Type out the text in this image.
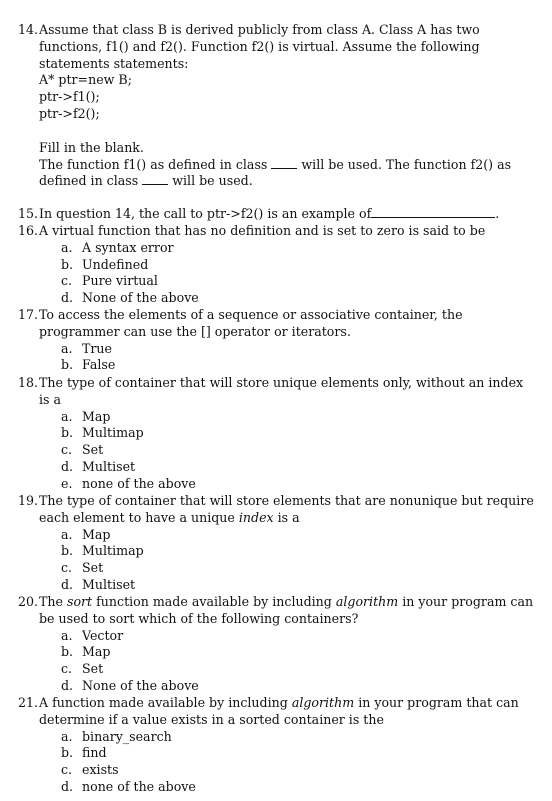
14. Assume that class B is derived publicly from class A. Class A has two
functions, f1() and f2(). Function f2() is virtual. Assume the following
statements statements:
A* ptr=new B;
ptr->f1();
ptr->f2();
Fill in the blank.
The function f1() as defined in class	will be used. The function f2() as
defined in class	will be used.
15. In question 14, the call to ptr->f2() is an example of	.
16. A virtual function that has no definition and is set to zero is said to be
a. A syntax error
b. Undefined
c. Pure virtual
d. None of the above
17. To access the elements of a sequence or associative container, the
programmer can use the [] operator or iterators.
a. True
b. False
18. The type of container that will store unique elements only, without an index
is a
a. Map
b. Multimap
c. Set
d. Multiset
e. none of the above
19. The type of container that will store elements that are nonunique but require
each element to have a unique index is a
a. Map
b. Multimap
c. Set
d. Multiset
20. The sort function made available by including algorithm in your program can
be used to sort which of the following containers?
a. Vector
b. Map
c. Set
d. None of the above
21. A function made available by including algorithm in your program that can
determine if a value exists in a sorted container is the
a. binary_search
b. find
c. exists
d. none of the above
